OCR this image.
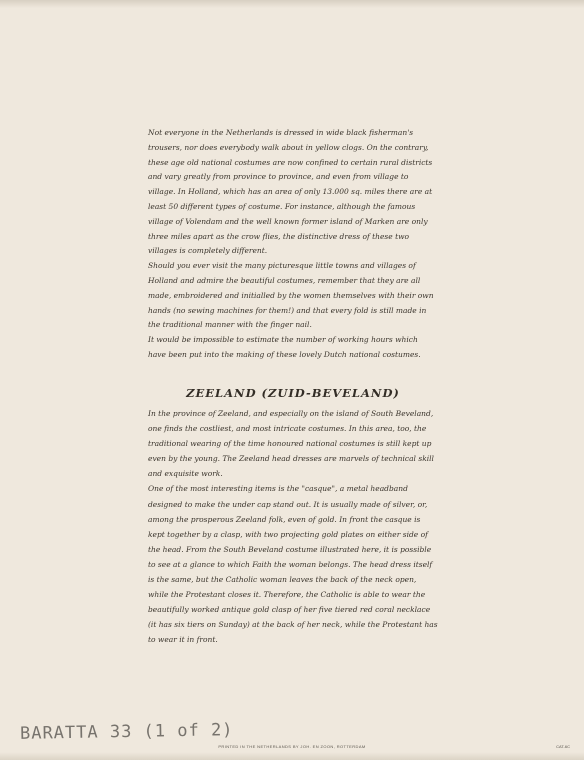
Not everyone in the Netherlands is dressed in wide black fisherman's trousers, nor does everybody walk about in yellow clogs. On the contrary, these age old national costumes are now confined to certain rural districts and vary greatly from province to province, and even from village to village. In Holland, which has an area of only 13.000 sq. miles there are at least 50 different types of costume. For instance, although the famous village of Volendam and the well known former island of Marken are only three miles apart as the crow flies, the distinctive dress of these two villages is completely different.

Should you ever visit the many picturesque little towns and villages of Holland and admire the beautiful costumes, remember that they are all made, embroidered and initialled by the women themselves with their own hands (no sewing machines for them!) and that every fold is still made in the traditional manner with the finger nail.

It would be impossible to estimate the number of working hours which have been put into the making of these lovely Dutch national costumes.

ZEELAND (ZUID-BEVELAND)

In the province of Zeeland, and especially on the island of South Beveland, one finds the costliest, and most intricate costumes. In this area, too, the traditional wearing of the time honoured national costumes is still kept up even by the young. The Zeeland head dresses are marvels of technical skill and exquisite work.

One of the most interesting items is the "casque", a metal headband designed to make the under cap stand out. It is usually made of silver, or, among the prosperous Zeeland folk, even of gold. In front the casque is kept together by a clasp, with two projecting gold plates on either side of the head. From the South Beveland costume illustrated here, it is possible to see at a glance to which Faith the woman belongs. The head dress itself is the same, but the Catholic woman leaves the back of the neck open, while the Protestant closes it. Therefore, the Catholic is able to wear the beautifully worked antique gold clasp of her five tiered red coral necklace (it has six tiers on Sunday) at the back of her neck, while the Protestant has to wear it in front.

BARATTA 33 (1 of 2)
PRINTED IN THE NETHERLANDS BY JOH. EN ZOON, ROTTERDAM	CAT-6C
